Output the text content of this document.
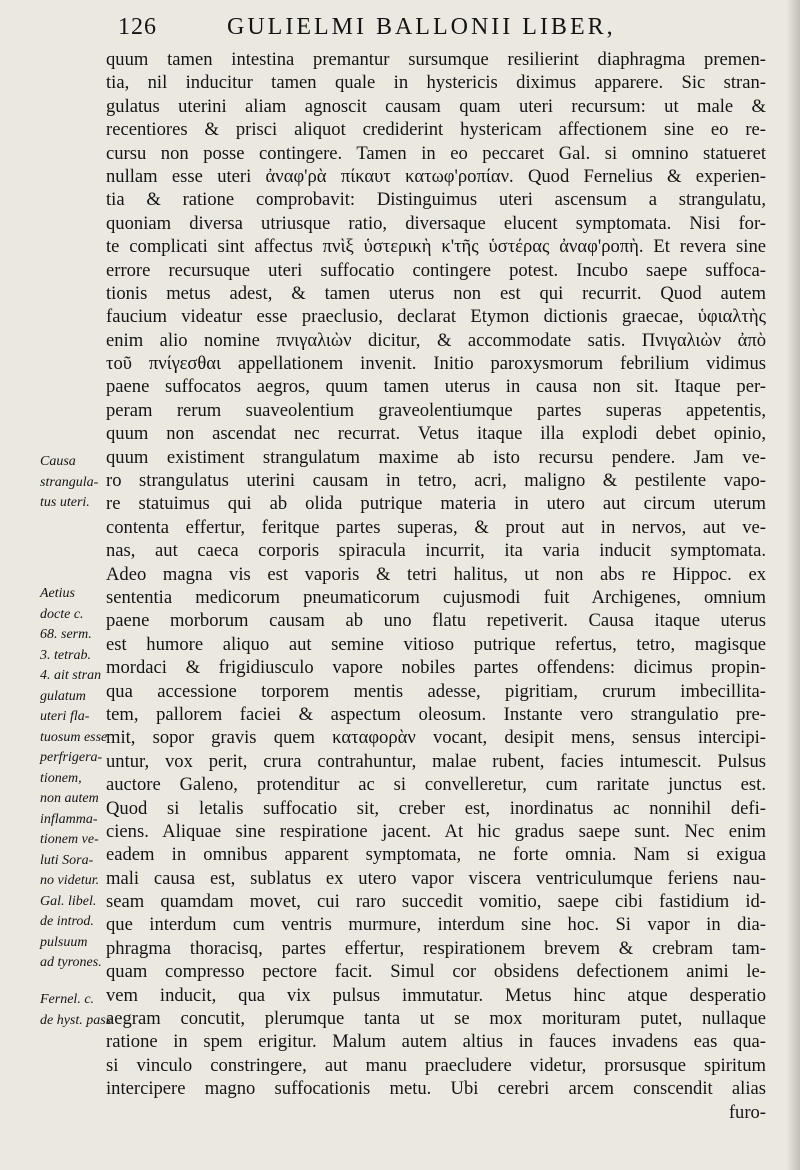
126	GULIELMI BALLONII LIBER,
quum tamen intestina premantur sursumque resilierint diaphragma premen-
tia, nil inducitur tamen quale in hystericis diximus apparere. Sic stran-
gulatus uterini aliam agnoscit causam quam uteri recursum: ut male &
recentiores & prisci aliquot crediderint hystericam affectionem sine eo re-
cursu non posse contingere. Tamen in eo peccaret Gal. si omnino statueret
nullam esse uteri ἀναφ'ρὰ πίκαυτ κατωφ'ροπίαν. Quod Fernelius & experien-
tia & ratione comprobavit: Distinguimus uteri ascensum a strangulatu,
quoniam diversa utriusque ratio, diversaque elucent symptomata. Nisi for-
te complicati sint affectus πνὶξ ὑστερικὴ κ'τῆς ὑστέρας ἀναφ'ροπὴ. Et revera sine
errore recursuque uteri suffocatio contingere potest. Incubo saepe suffoca-
tionis metus adest, & tamen uterus non est qui recurrit. Quod autem
faucium videatur esse praeclusio, declarat Etymon dictionis graecae, ὑφιαλτὴς
enim alio nomine πνιγαλιὼν dicitur, & accommodate satis. Πνιγαλιὼν ἀπὸ
τοῦ πνίγεσθαι appellationem invenit. Initio paroxysmorum febrilium vidimus
paene suffocatos aegros, quum tamen uterus in causa non sit. Itaque per-
peram rerum suaveolentium graveolentiumque partes superas appetentis,
quum non ascendat nec recurrat. Vetus itaque illa explodi debet opinio,
quum existiment strangulatum maxime ab isto recursu pendere. Jam ve-
ro strangulatus uterini causam in tetro, acri, maligno & pestilente vapo-
re statuimus qui ab olida putrique materia in utero aut circum uterum
contenta effertur, feritque partes superas, & prout aut in nervos, aut ve-
nas, aut caeca corporis spiracula incurrit, ita varia inducit symptomata.
Adeo magna vis est vaporis & tetri halitus, ut non abs re Hippoc. ex
sententia medicorum pneumaticorum cujusmodi fuit Archigenes, omnium
paene morborum causam ab uno flatu repetiverit. Causa itaque uterus
est humore aliquo aut semine vitioso putrique refertus, tetro, magisque
mordaci & frigidiusculo vapore nobiles partes offendens: dicimus propin-
qua accessione torporem mentis adesse, pigritiam, crurum imbecillita-
tem, pallorem faciei & aspectum oleosum. Instante vero strangulatio pre-
mit, sopor gravis quem καταφορὰν vocant, desipit mens, sensus intercipi-
untur, vox perit, crura contrahuntur, malae rubent, facies intumescit. Pulsus
auctore Galeno, protenditur ac si convelleretur, cum raritate junctus est.
Quod si letalis suffocatio sit, creber est, inordinatus ac nonnihil defi-
ciens. Aliquae sine respiratione jacent. At hic gradus saepe sunt. Nec enim
eadem in omnibus apparent symptomata, ne forte omnia. Nam si exigua
mali causa est, sublatus ex utero vapor viscera ventriculumque feriens nau-
seam quamdam movet, cui raro succedit vomitio, saepe cibi fastidium id-
que interdum cum ventris murmure, interdum sine hoc. Si vapor in dia-
phragma thoracisq, partes effertur, respirationem brevem & crebram tam-
quam compresso pectore facit. Simul cor obsidens defectionem animi le-
vem inducit, qua vix pulsus immutatur. Metus hinc atque desperatio
aegram concutit, plerumque tanta ut se mox morituram putet, nullaque
ratione in spem erigitur. Malum autem altius in fauces invadens eas qua-
si vinculo constringere, aut manu praecludere videtur, prorsusque spiritum
intercipere magno suffocationis metu. Ubi cerebri arcem conscendit alias
furo-
Causa
strangula-
tus uteri.
Aetius
docte c.
68. serm.
3. tetrab.
4. ait stran
gulatum
uteri fla-
tuosum esse
perfrigera-
tionem,
non autem
inflamma-
tionem ve-
luti Sora-
no videtur.
Gal. libel.
de introd.
pulsuum
ad tyrones.
Fernel. c.
de hyst. pass
